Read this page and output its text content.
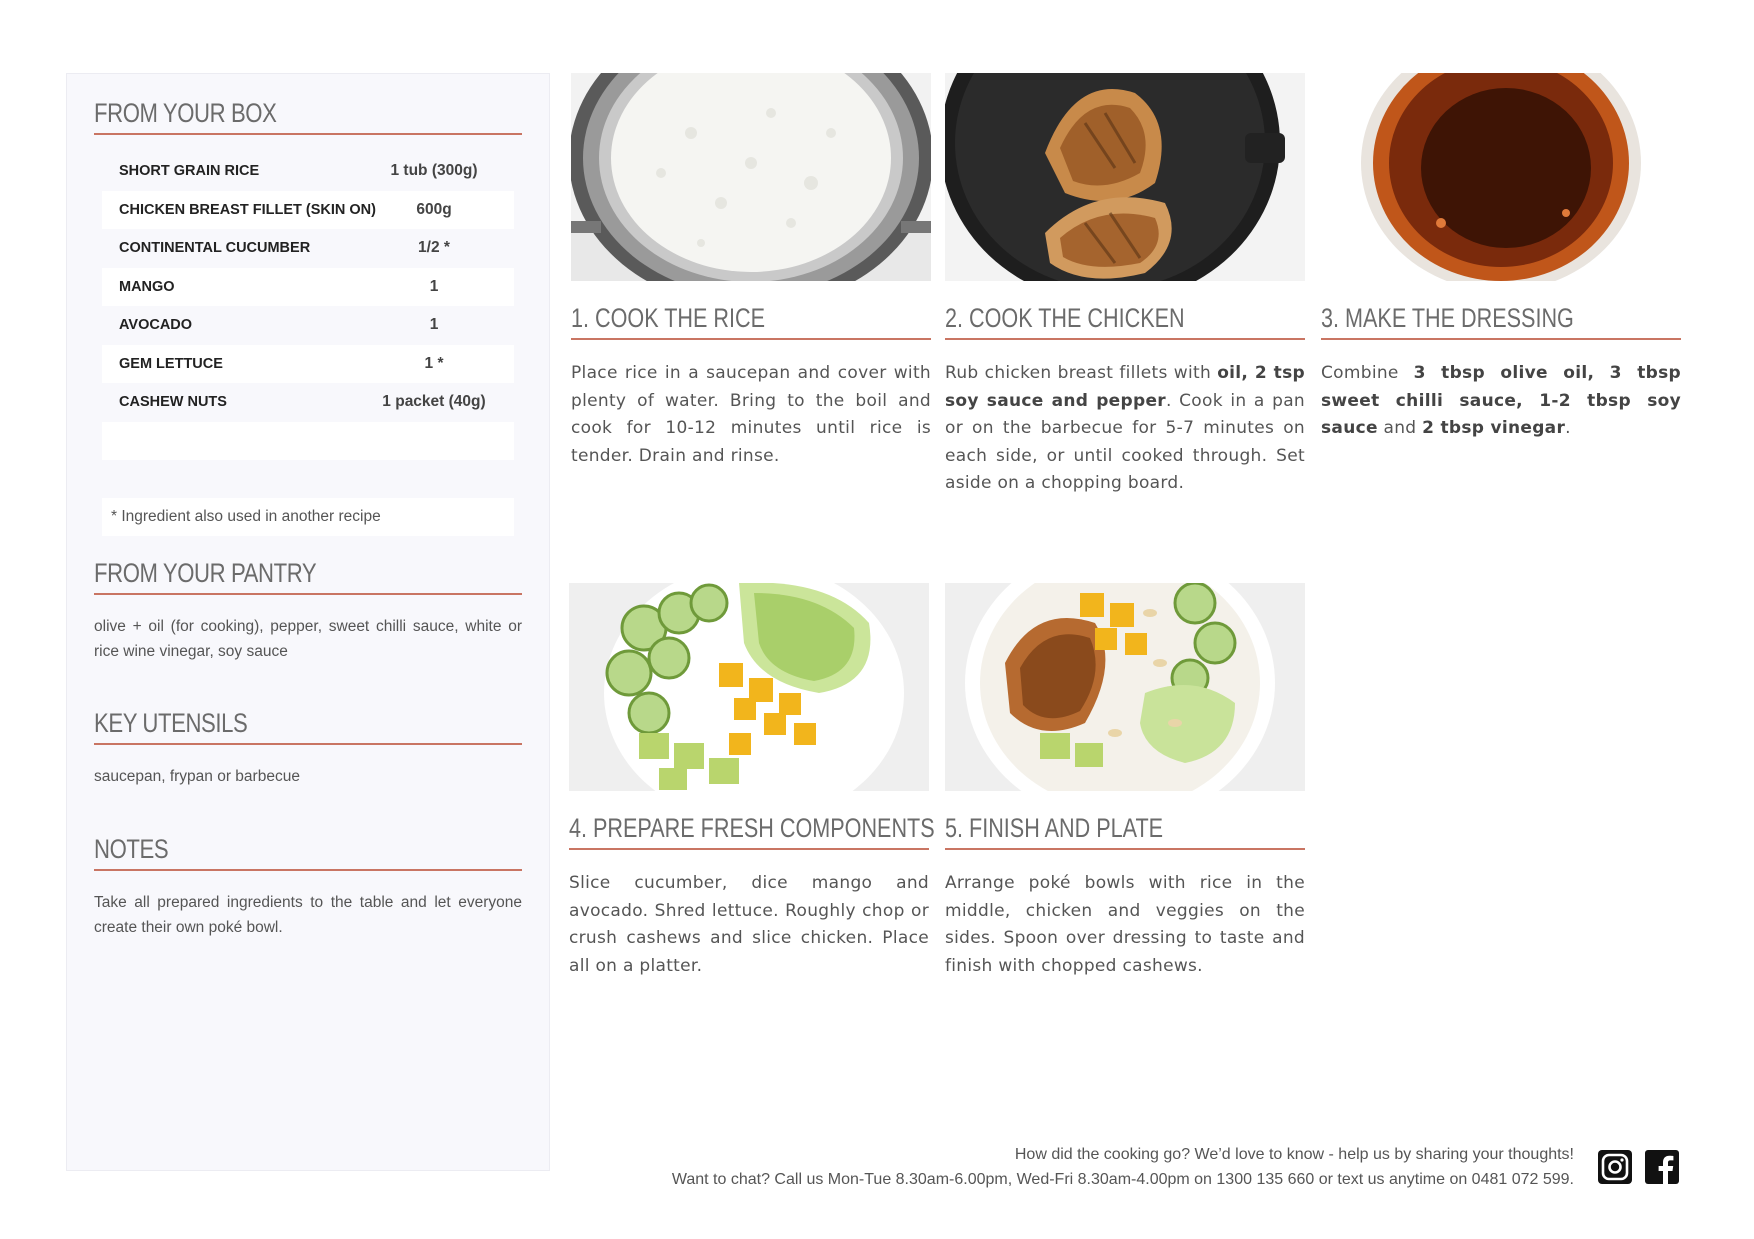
FROM YOUR BOX
SHORT GRAIN RICE	1 tub (300g)
CHICKEN BREAST FILLET (SKIN ON)	600g
CONTINENTAL CUCUMBER	1/2 *
MANGO	1
AVOCADO	1
GEM LETTUCE	1 *
CASHEW NUTS	1 packet (40g)
* Ingredient also used in another recipe
FROM YOUR PANTRY
olive + oil (for cooking), pepper, sweet chilli sauce, white or rice wine vinegar, soy sauce
KEY UTENSILS
saucepan, frypan or barbecue
NOTES
Take all prepared ingredients to the table and let everyone create their own poké bowl.
1. COOK THE RICE
Place rice in a saucepan and cover with plenty of water. Bring to the boil and cook for 10-12 minutes until rice is tender. Drain and rinse.
2. COOK THE CHICKEN
Rub chicken breast fillets with oil, 2 tsp soy sauce and pepper. Cook in a pan or on the barbecue for 5-7 minutes on each side, or until cooked through. Set aside on a chopping board.
3. MAKE THE DRESSING
Combine 3 tbsp olive oil, 3 tbsp sweet chilli sauce, 1-2 tbsp soy sauce and 2 tbsp vinegar.
4. PREPARE FRESH COMPONENTS
Slice cucumber, dice mango and avocado. Shred lettuce. Roughly chop or crush cashews and slice chicken. Place all on a platter.
5. FINISH AND PLATE
Arrange poké bowls with rice in the middle, chicken and veggies on the sides. Spoon over dressing to taste and finish with chopped cashews.
How did the cooking go? We’d love to know - help us by sharing your thoughts!
Want to chat? Call us Mon-Tue 8.30am-6.00pm, Wed-Fri 8.30am-4.00pm on 1300 135 660 or text us anytime on 0481 072 599.
